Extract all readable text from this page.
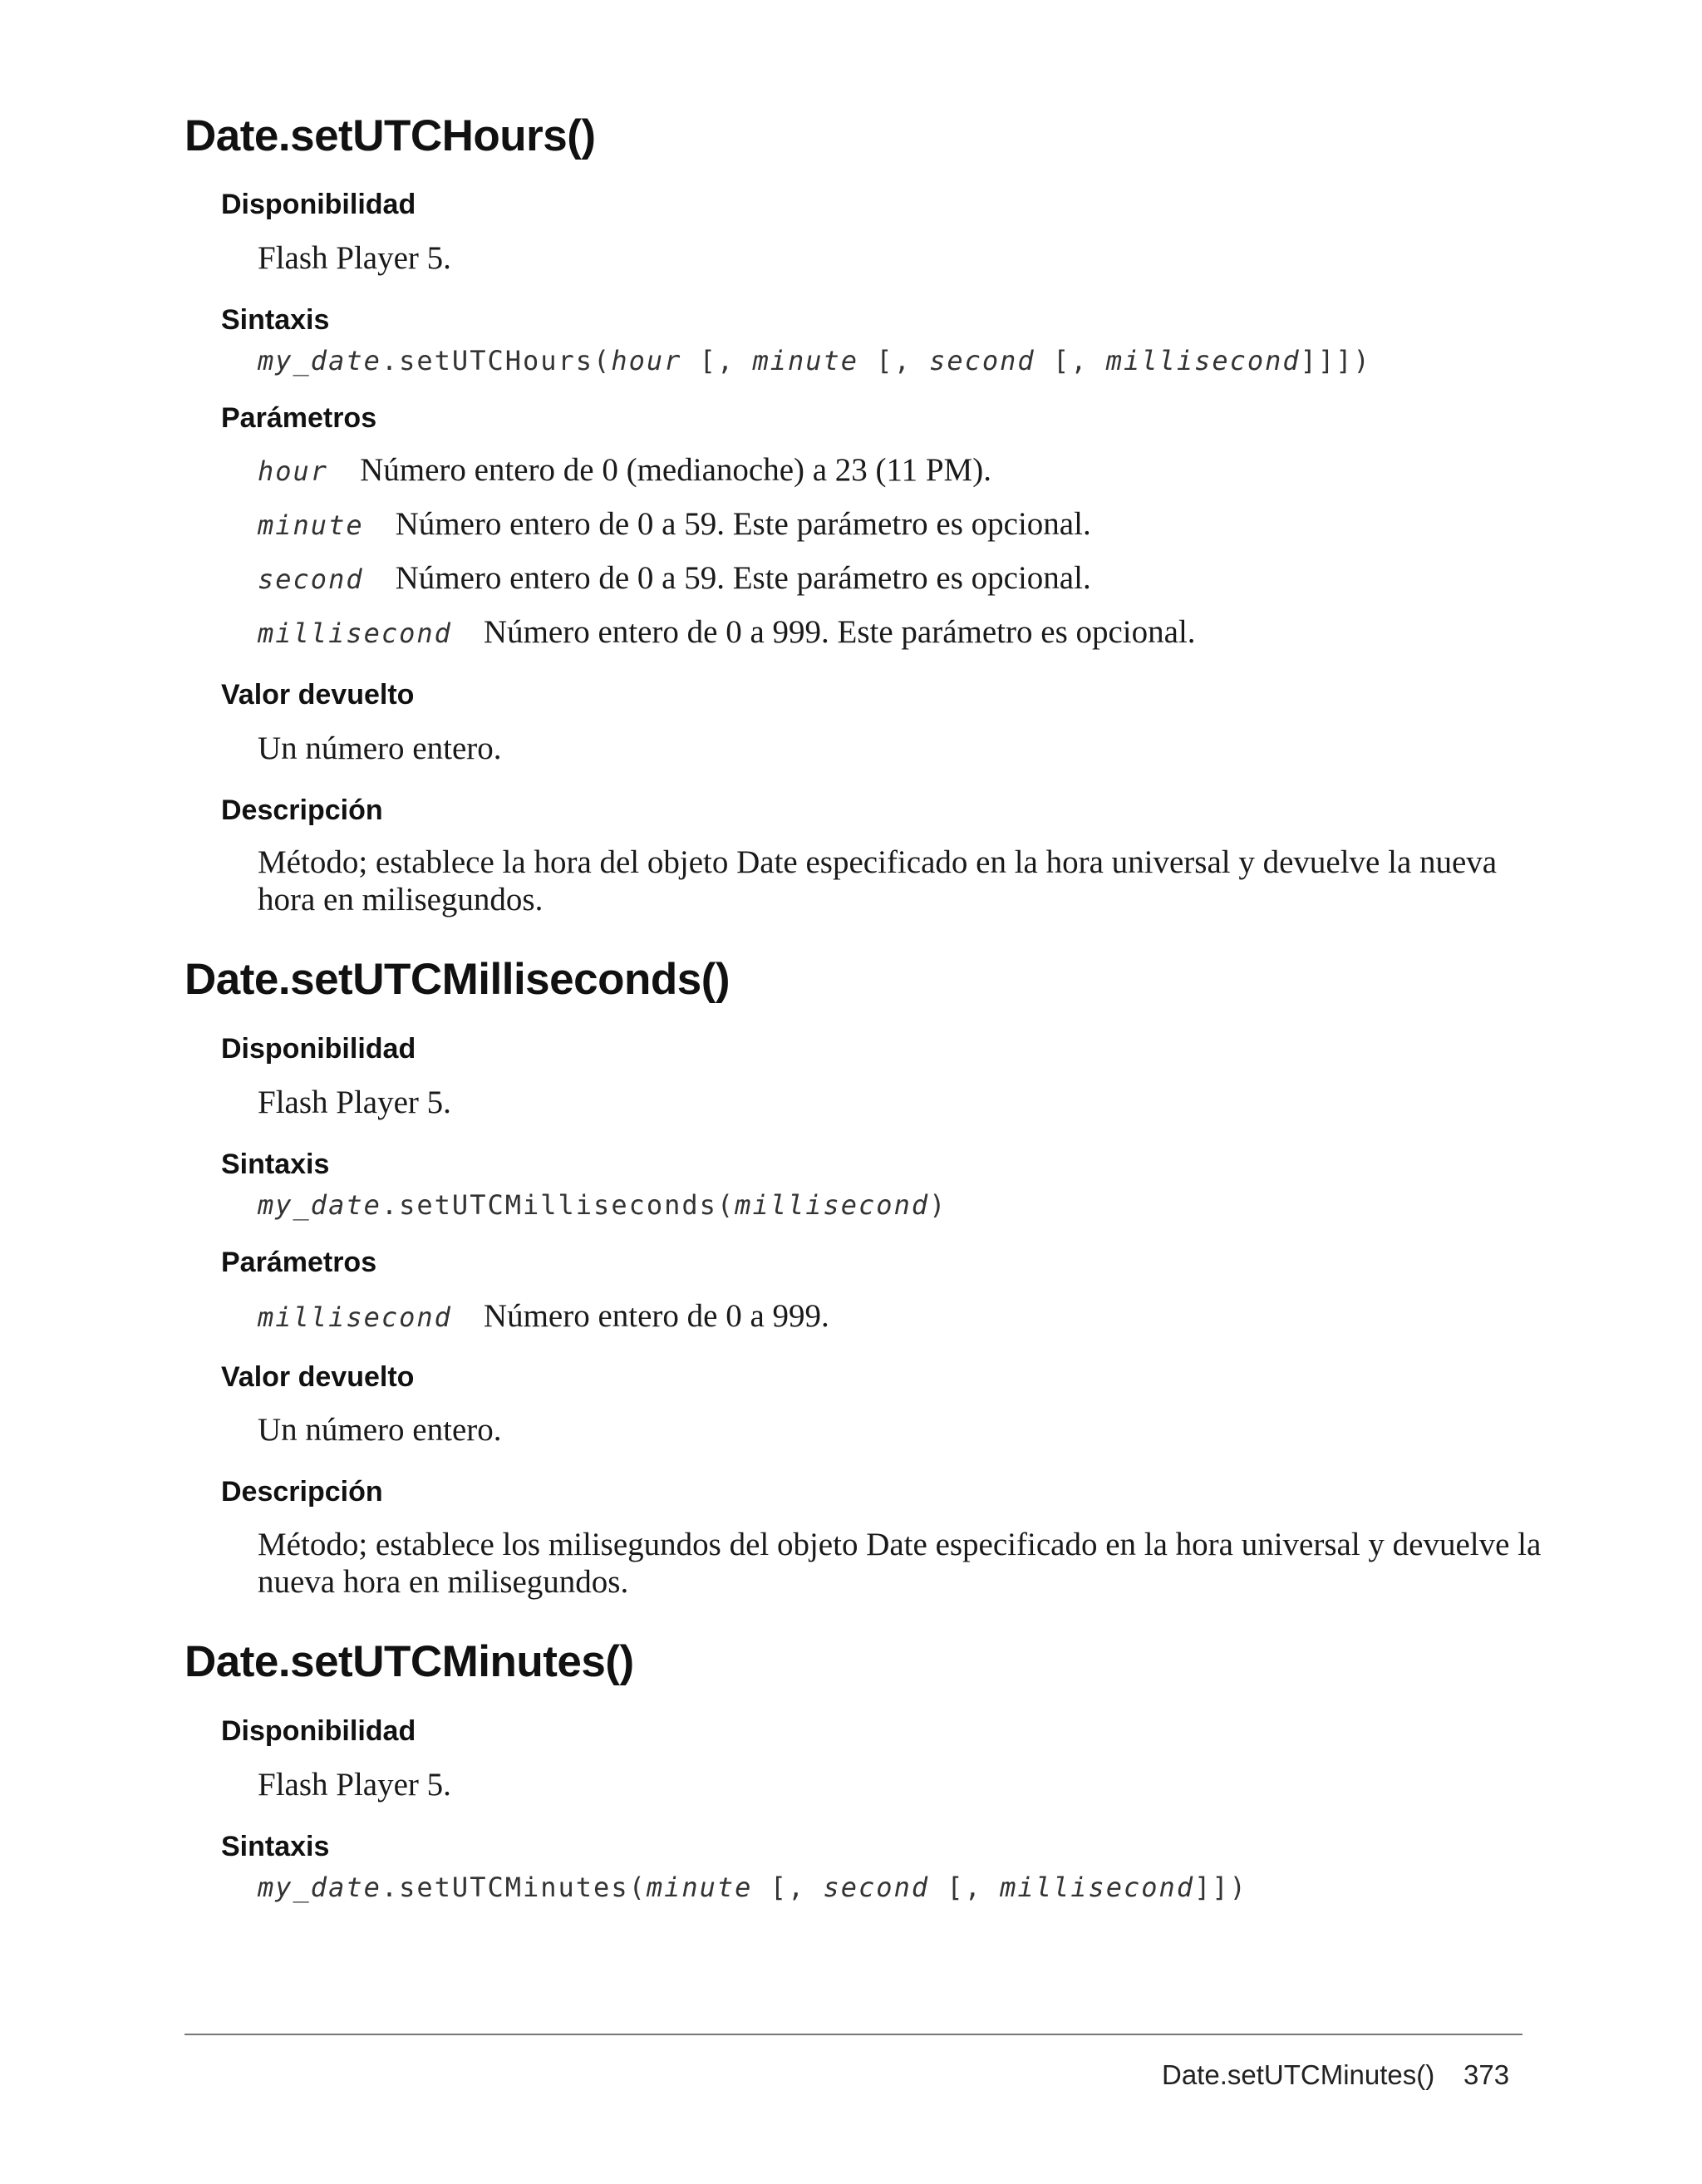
Date.setUTCHours()
Disponibilidad

Flash Player 5.

Sintaxis

my_date.setUTCHours(hour [, minute [, second [, millisecond]]])

Parámetros
hour Número entero de 0 (medianoche) a 23 (11 PM).
minute Número entero de 0 a 59. Este parámetro es opcional.
second Número entero de 0 a 59. Este parámetro es opcional.
millisecond Número entero de 0 a 999. Este parámetro es opcional.
Valor devuelto

Un número entero.

Descripción

Método; establece la hora del objeto Date especificado en la hora universal y devuelve la nueva

hora en milisegundos.

Date.setUTCMilliseconds()
Disponibilidad

Flash Player 5.

Sintaxis

my_date.setUTCMilliseconds(millisecond)

Parámetros
millisecond Número entero de 0 a 999.
Valor devuelto

Un número entero.

Descripción

Método; establece los milisegundos del objeto Date especificado en la hora universal y devuelve la

nueva hora en milisegundos.

Date.setUTCMinutes()
Disponibilidad

Flash Player 5.

Sintaxis

my_date.setUTCMinutes(minute [, second [, millisecond]])

Date.setUTCMinutes() 373
